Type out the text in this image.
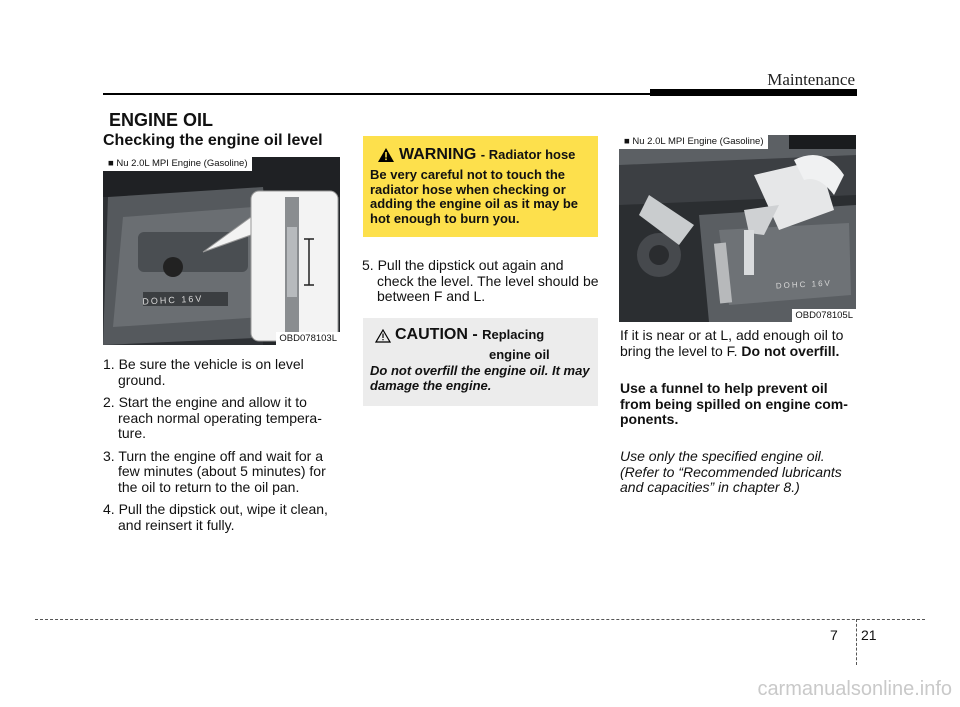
Maintenance
ENGINE OIL
Checking the engine oil level
DOHC 16V
■ Nu 2.0L MPI Engine (Gasoline)
OBD078103L
1. Be sure the vehicle is on level
ground.
2. Start the engine and allow it to
reach normal operating tempera-ture.
3. Turn the engine off and wait for a
few minutes (about 5 minutes) for the oil to return to the oil pan.
4. Pull the dipstick out, wipe it clean,
and reinsert it fully.
WARNING - Radiator hose
Be very careful not to touch the radiator hose when checking or adding the engine oil as it may be hot enough to burn you.
5. Pull the dipstick out again and
check the level. The level should be between F and L.
CAUTION - Replacing
engine oil
Do not overfill the engine oil. It may damage the engine.
DOHC 16V
■ Nu 2.0L MPI Engine (Gasoline)
OBD078105L

If it is near or at L, add enough oil to bring the level to F. Do not overfill.

Use a funnel to help prevent oil from being spilled on engine com-ponents.

Use only the specified engine oil. (Refer to “Recommended lubricants and capacities” in chapter 8.)

7 21
carmanualsonline.info
